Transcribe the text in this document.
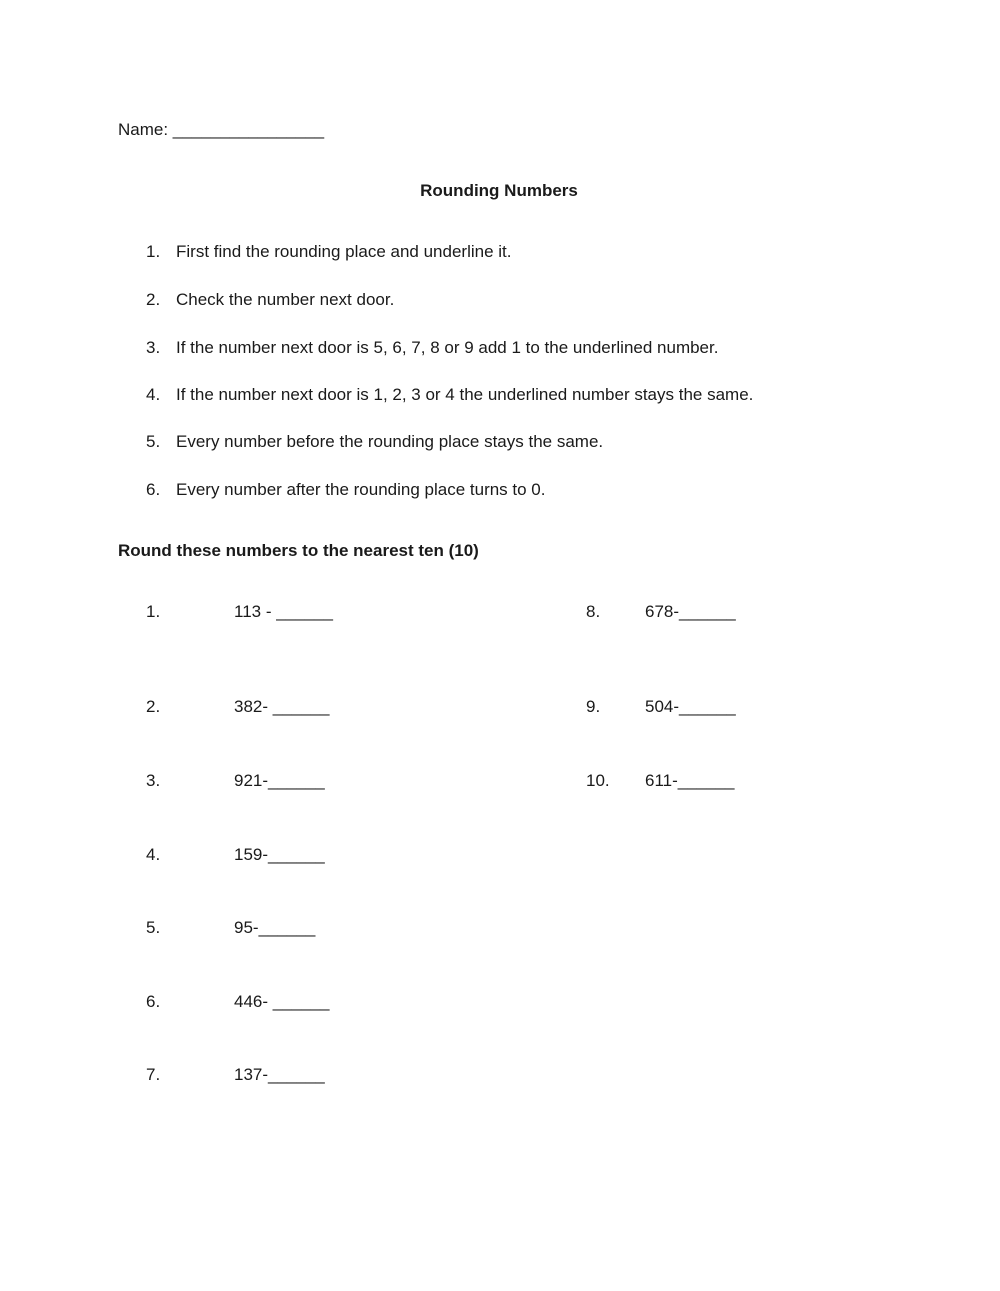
Name: ________________
Rounding Numbers
1. First find the rounding place and underline it.
2. Check the number next door.
3. If the number next door is 5, 6, 7, 8 or 9 add 1 to the underlined number.
4. If the number next door is 1, 2, 3 or 4 the underlined number stays the same.
5. Every number before the rounding place stays the same.
6. Every number after the rounding place turns to 0.
Round these numbers to the nearest ten (10)
1.	113 - ______
2.	382- ______
3.	921-______
4.	159-______
5.	95-______
6.	446- ______
7.	137-______
8.	678-______
9.	504-______
10. 611-______
